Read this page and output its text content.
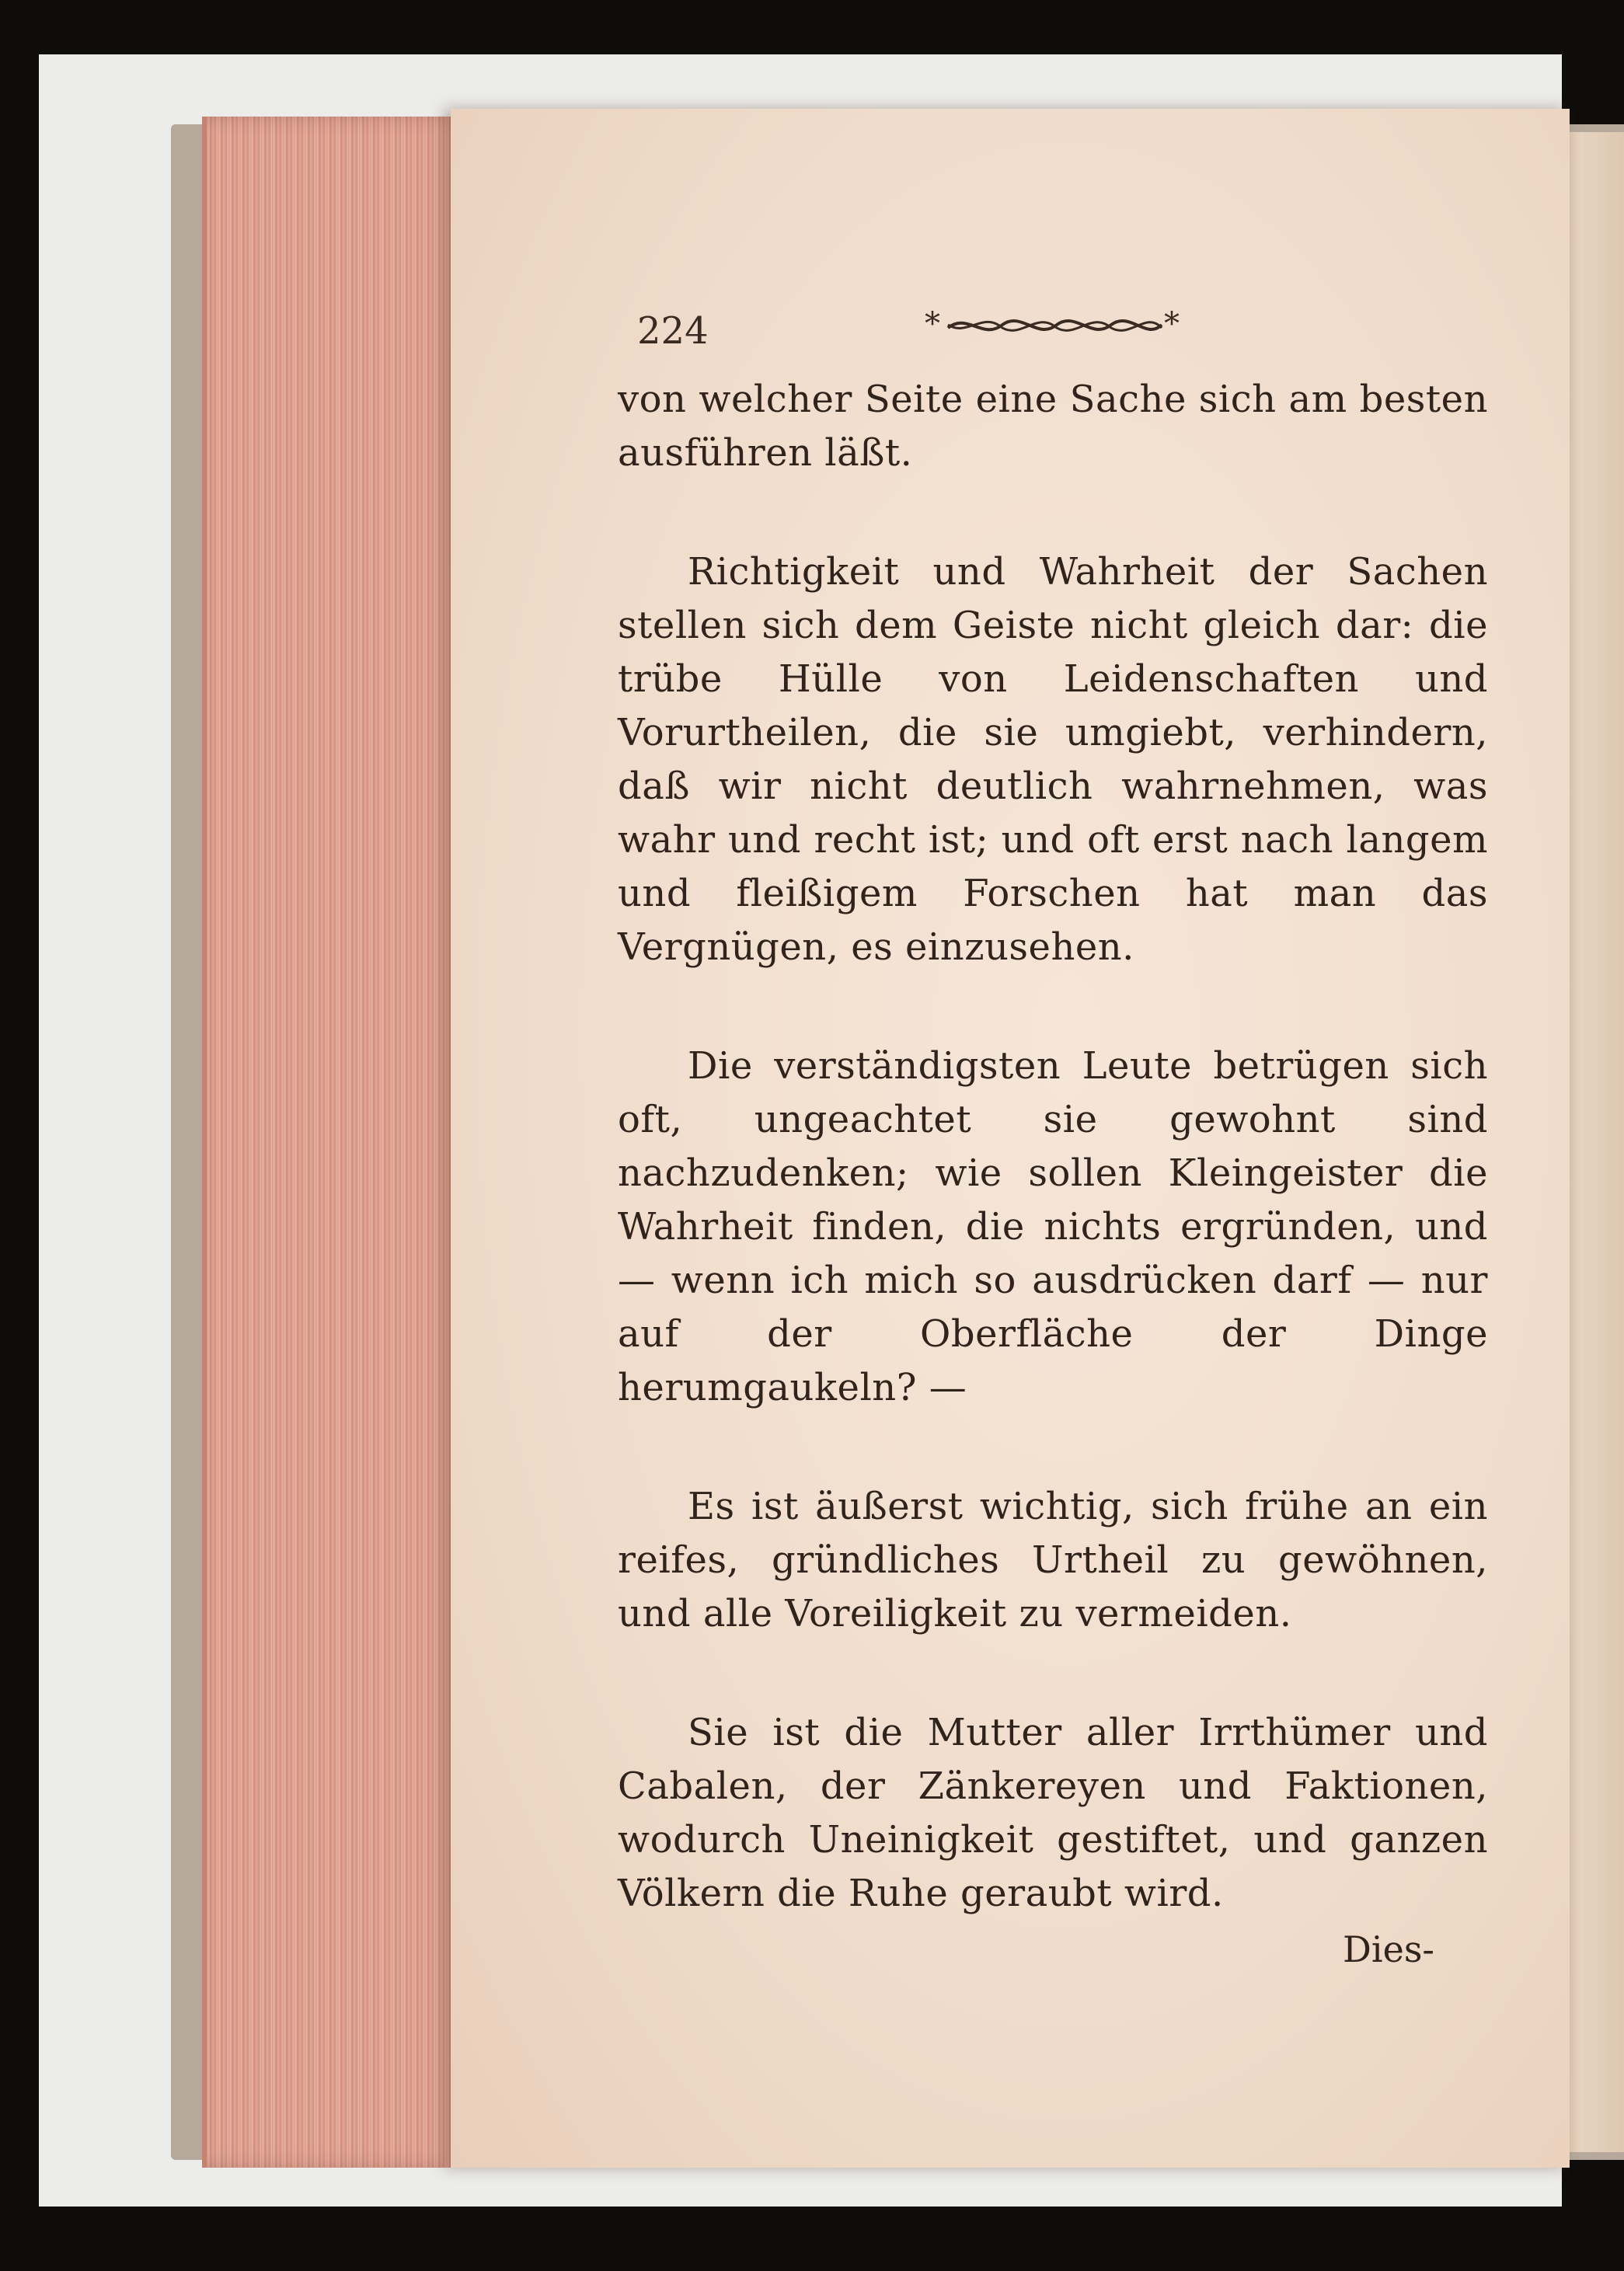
224	*	*

von welcher Seite eine Sache sich am besten ausführen läßt.

Richtigkeit und Wahrheit der Sachen stellen sich dem Geiste nicht gleich dar: die trübe Hülle von Leidenschaften und Vorurtheilen, die sie umgiebt, verhindern, daß wir nicht deutlich wahrnehmen, was wahr und recht ist; und oft erst nach langem und fleißigem Forschen hat man das Vergnügen, es einzusehen.

Die verständigsten Leute betrügen sich oft, ungeachtet sie gewohnt sind nachzudenken; wie sollen Kleingeister die Wahrheit finden, die nichts ergründen, und — wenn ich mich so ausdrücken darf — nur auf der Oberfläche der Dinge herumgaukeln? —

Es ist äußerst wichtig, sich frühe an ein reifes, gründliches Urtheil zu gewöhnen, und alle Voreiligkeit zu vermeiden.

Sie ist die Mutter aller Irrthümer und Cabalen, der Zänkereyen und Faktionen, wodurch Uneinigkeit gestiftet, und ganzen Völkern die Ruhe geraubt wird.

Dies-
